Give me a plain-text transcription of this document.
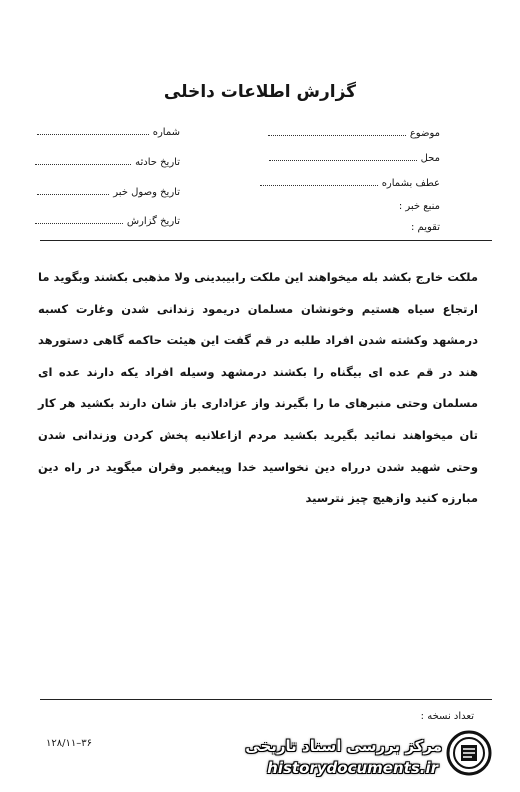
گزارش اطلاعات داخلی
موضوع
محل
عطف بشماره
منبع خبر :
تقویم :
شماره
تاریخ حادثه
تاریخ وصول خبر
تاریخ گزارش
ملکت خارج بکشد بله میخواهند این ملکت رابیبدینی ولا مذهبی بکشند وبگوید ما ارتجاع سیاه هستیم وخونشان مسلمان دریمود زندانی شدن وغارت کسبه درمشهد وکشته شدن افراد طلبه در قم گفت این هیئت حاکمه گاهی دستورهد هند در قم عده ای بیگناه را بکشند درمشهد وسیله افراد یکه دارند عده ای مسلمان وحتی منبرهای ما را بگیرند واز عزاداری باز شان دارند بکشید هر کار تان میخواهند نمائید بگیرید بکشید مردم ازاعلانیه پخش کردن وزندانی شدن وحتی شهید شدن درراه دین نخواسید خدا وپیغمبر وقران میگوید در راه دین مبارزه کنید وازهیچ چیز نترسید
تعداد نسخه :
۳۶–۱۲۸/۱۱	مرکز بررسی اسناد تاریخی
historydocuments.ir
